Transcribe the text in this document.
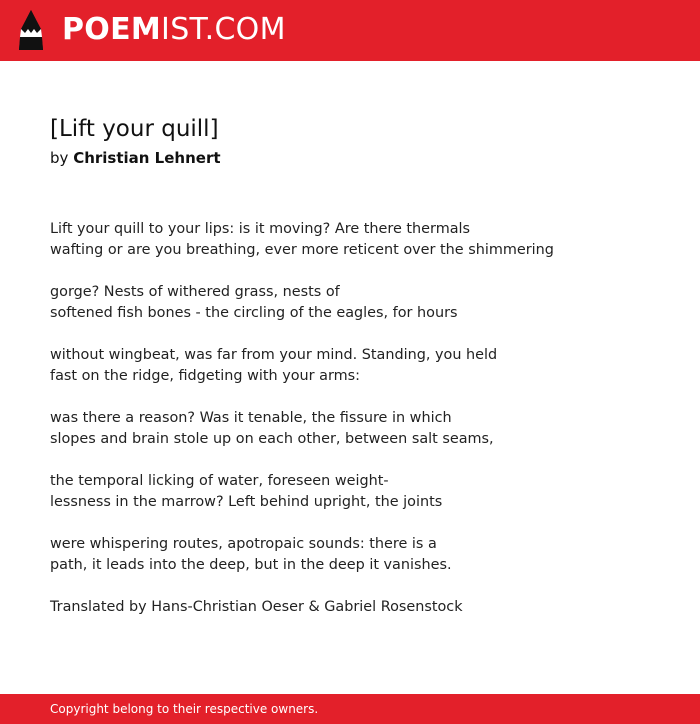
POEMIST.COM
[Lift your quill]
by Christian Lehnert
Lift your quill to your lips: is it moving? Are there thermals
wafting or are you breathing, ever more reticent over the shimmering
gorge? Nests of withered grass, nests of
softened fish bones - the circling of the eagles, for hours
without wingbeat, was far from your mind. Standing, you held
fast on the ridge, fidgeting with your arms:
was there a reason? Was it tenable, the fissure in which
slopes and brain stole up on each other, between salt seams,
the temporal licking of water, foreseen weight-
lessness in the marrow? Left behind upright, the joints
were whispering routes, apotropaic sounds: there is a
path, it leads into the deep, but in the deep it vanishes.
Translated by Hans-Christian Oeser & Gabriel Rosenstock
Copyright belong to their respective owners.
